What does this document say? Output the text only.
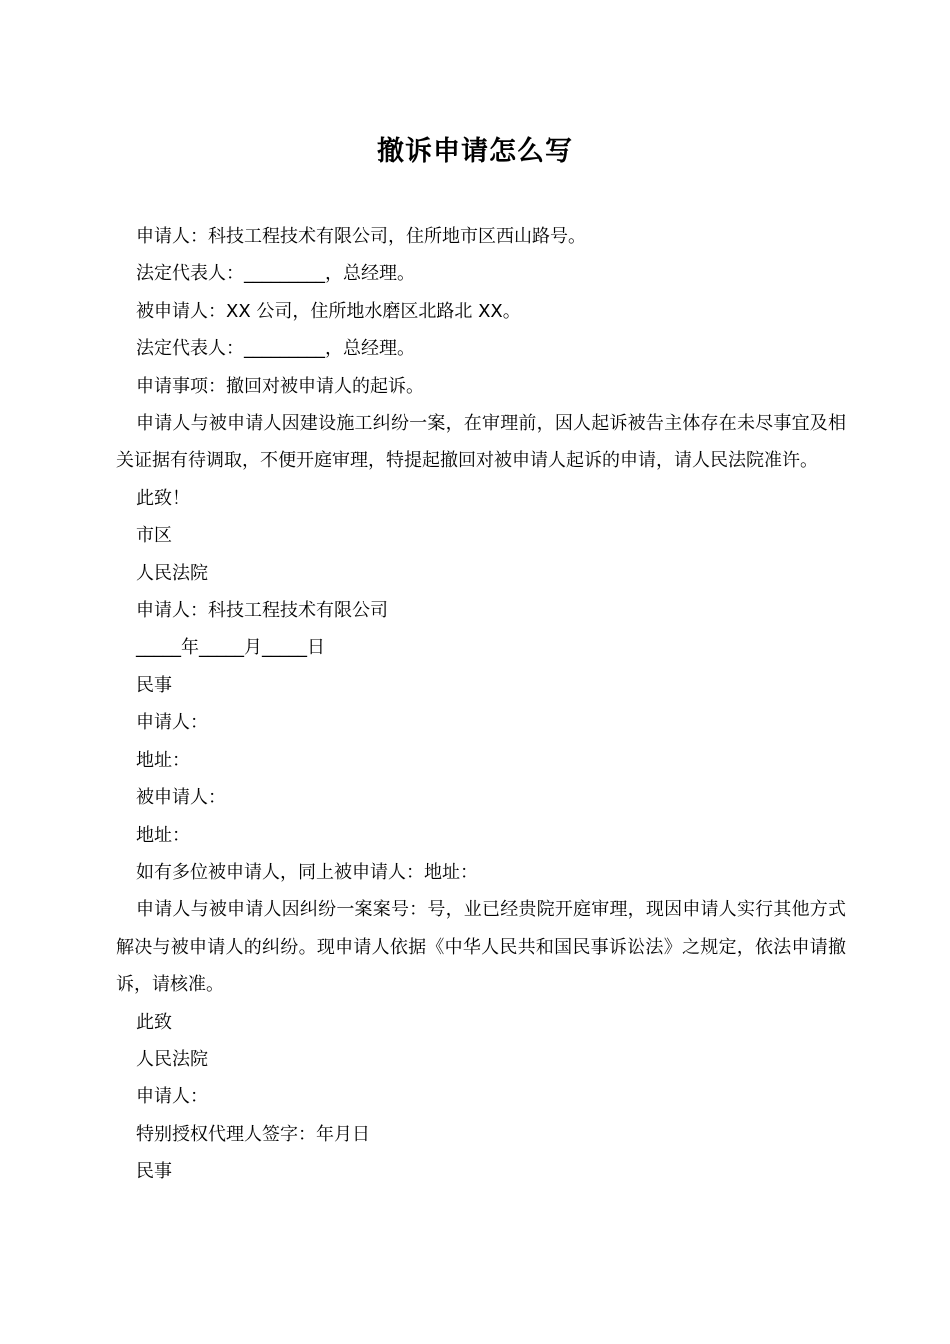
撤诉申请怎么写

申请人：科技工程技术有限公司，住所地市区西山路号。

法定代表人：_________，总经理。

被申请人：XX 公司，住所地水磨区北路北 XX。

法定代表人：_________，总经理。

申请事项：撤回对被申请人的起诉。

申请人与被申请人因建设施工纠纷一案，在审理前，因人起诉被告主体存在未尽事宜及相关证据有待调取，不便开庭审理，特提起撤回对被申请人起诉的申请，请人民法院准许。

此致！

市区

人民法院

申请人：科技工程技术有限公司

_____年_____月_____日

民事

申请人：

地址：

被申请人：

地址：

如有多位被申请人，同上被申请人：地址：

申请人与被申请人因纠纷一案案号：号，业已经贵院开庭审理，现因申请人实行其他方式解决与被申请人的纠纷。现申请人依据《中华人民共和国民事诉讼法》之规定，依法申请撤诉，请核准。

此致

人民法院

申请人：

特别授权代理人签字：年月日

民事
